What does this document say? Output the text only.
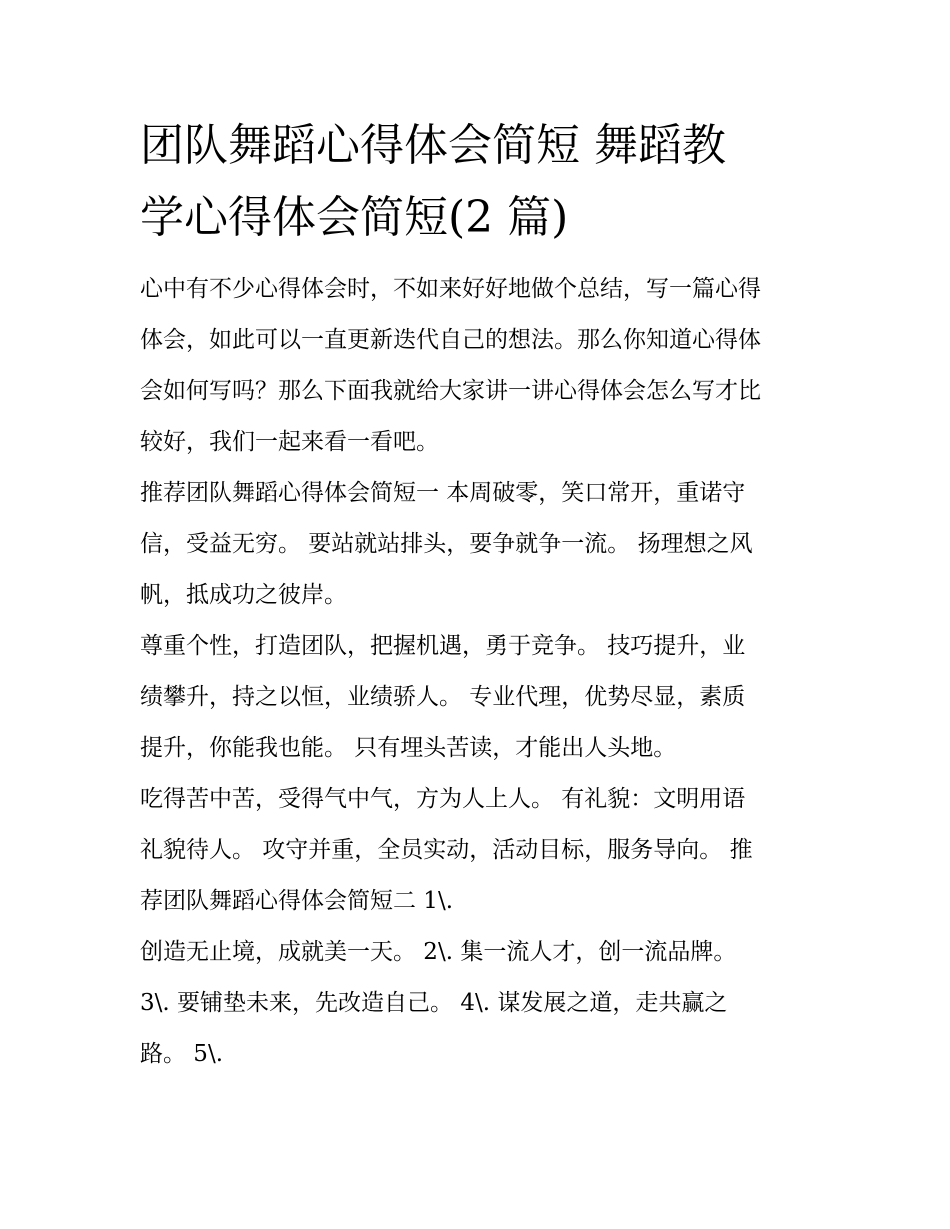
团队舞蹈心得体会简短 舞蹈教
学心得体会简短(2 篇)

心中有不少心得体会时，不如来好好地做个总结，写一篇心得
体会，如此可以一直更新迭代自己的想法。那么你知道心得体
会如何写吗？那么下面我就给大家讲一讲心得体会怎么写才比
较好，我们一起来看一看吧。

推荐团队舞蹈心得体会简短一 本周破零，笑口常开，重诺守
信，受益无穷。 要站就站排头，要争就争一流。 扬理想之风
帆，抵成功之彼岸。

尊重个性，打造团队，把握机遇，勇于竞争。 技巧提升，业
绩攀升，持之以恒，业绩骄人。 专业代理，优势尽显，素质
提升，你能我也能。 只有埋头苦读，才能出人头地。

吃得苦中苦，受得气中气，方为人上人。 有礼貌：文明用语
礼貌待人。 攻守并重，全员实动，活动目标，服务导向。 推
荐团队舞蹈心得体会简短二 1\.

创造无止境，成就美一天。 2\. 集一流人才，创一流品牌。
3\. 要铺垫未来，先改造自己。 4\. 谋发展之道，走共赢之
路。 5\.
